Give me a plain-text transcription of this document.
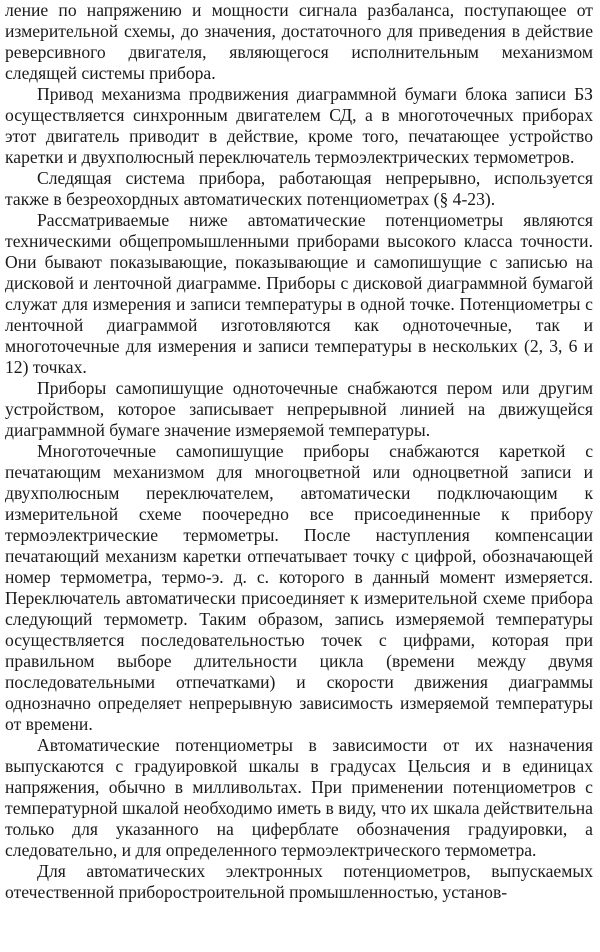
ление по напряжению и мощности сигнала разбаланса, поступающее от измерительной схемы, до значения, достаточного для приведения в действие реверсивного двигателя, являющегося исполнительным механизмом следящей системы прибора.

Привод механизма продвижения диаграммной бумаги блока записи БЗ осуществляется синхронным двигателем СД, а в многоточечных приборах этот двигатель приводит в действие, кроме того, печатающее устройство каретки и двухполюсный переключатель термоэлектрических термометров.

Следящая система прибора, работающая непрерывно, используется также в безреохордных автоматических потенциометрах (§ 4-23).

Рассматриваемые ниже автоматические потенциометры являются техническими общепромышленными приборами высокого класса точности. Они бывают показывающие, показывающие и самопишущие с записью на дисковой и ленточной диаграмме. Приборы с дисковой диаграммной бумагой служат для измерения и записи температуры в одной точке. Потенциометры с ленточной диаграммой изготовляются как одноточечные, так и многоточечные для измерения и записи температуры в нескольких (2, 3, 6 и 12) точках.

Приборы самопишущие одноточечные снабжаются пером или другим устройством, которое записывает непрерывной линией на движущейся диаграммной бумаге значение измеряемой температуры.

Многоточечные самопишущие приборы снабжаются кареткой с печатающим механизмом для многоцветной или одноцветной записи и двухполюсным переключателем, автоматически подключающим к измерительной схеме поочередно все присоединенные к прибору термоэлектрические термометры. После наступления компенсации печатающий механизм каретки отпечатывает точку с цифрой, обозначающей номер термометра, термо-э. д. с. которого в данный момент измеряется. Переключатель автоматически присоединяет к измерительной схеме прибора следующий термометр. Таким образом, запись измеряемой температуры осуществляется последовательностью точек с цифрами, которая при правильном выборе длительности цикла (времени между двумя последовательными отпечатками) и скорости движения диаграммы однозначно определяет непрерывную зависимость измеряемой температуры от времени.

Автоматические потенциометры в зависимости от их назначения выпускаются с градуировкой шкалы в градусах Цельсия и в единицах напряжения, обычно в милливольтах. При применении потенциометров с температурной шкалой необходимо иметь в виду, что их шкала действительна только для указанного на циферблате обозначения градуировки, а следовательно, и для определенного термоэлектрического термометра.

Для автоматических электронных потенциометров, выпускаемых отечественной приборостроительной промышленностью, установ-
